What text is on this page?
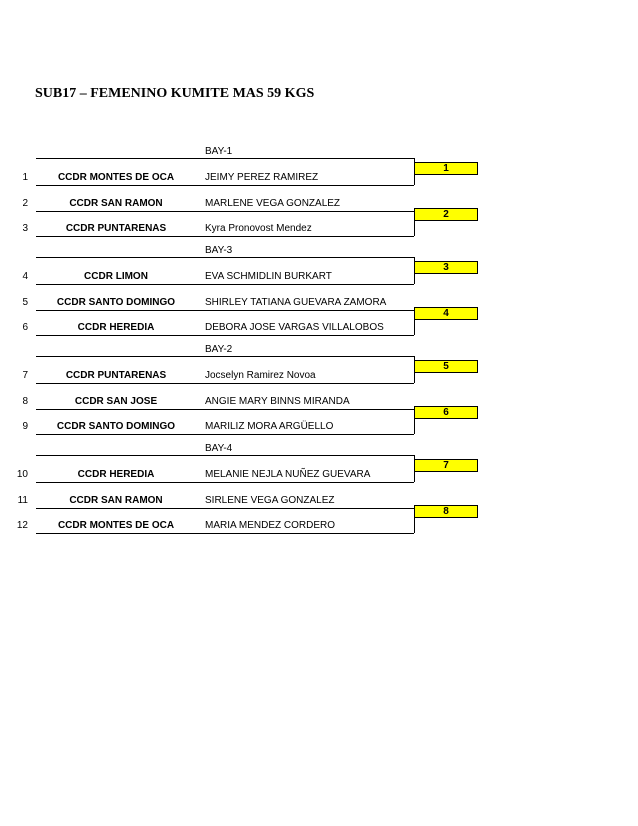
SUB17 – FEMENINO KUMITE MAS 59 KGS
BAY-1
1	CCDR MONTES DE OCA	JEIMY PEREZ RAMIREZ
2	CCDR SAN RAMON	MARLENE VEGA GONZALEZ
3	CCDR PUNTARENAS	Kyra Pronovost Mendez
1
2
BAY-3
4	CCDR LIMON	EVA SCHMIDLIN BURKART
5	CCDR SANTO DOMINGO	SHIRLEY TATIANA GUEVARA ZAMORA
6	CCDR HEREDIA	DEBORA JOSE VARGAS VILLALOBOS
3
4
BAY-2
7	CCDR PUNTARENAS	Jocselyn Ramirez Novoa
8	CCDR SAN JOSE	ANGIE MARY BINNS MIRANDA
9	CCDR SANTO DOMINGO	MARILIZ MORA ARGÜELLO
5
6
BAY-4
10	CCDR HEREDIA	MELANIE NEJLA NUÑEZ GUEVARA
11	CCDR SAN RAMON	SIRLENE VEGA GONZALEZ
12	CCDR MONTES DE OCA	MARIA MENDEZ CORDERO
7
8
